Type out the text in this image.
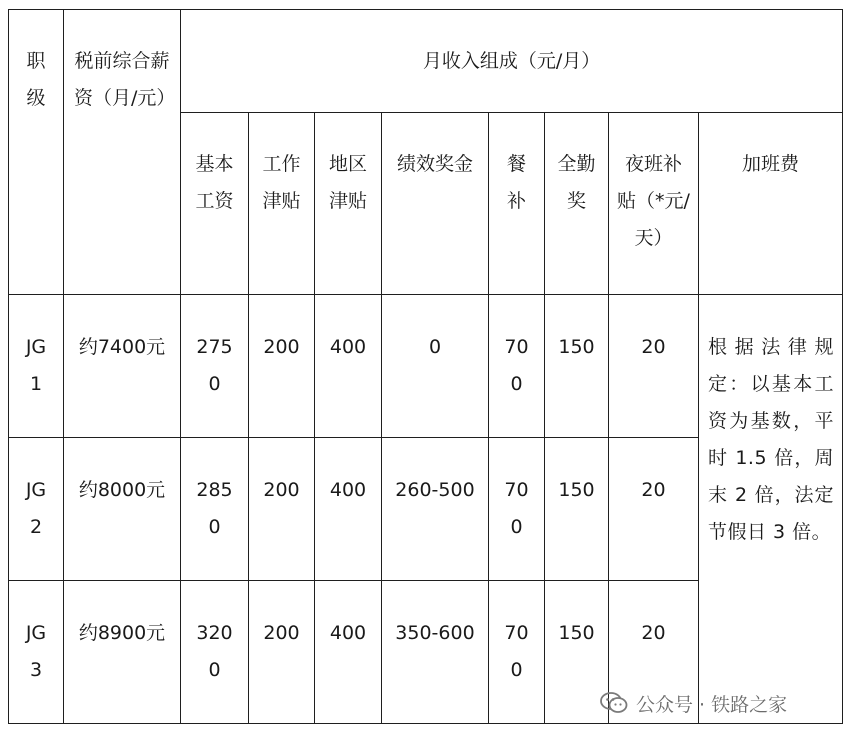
职级	税前综合薪资（月/元）	月收入组成（元/月）							
		基本工资	工作津贴	地区津贴	绩效奖金	餐补	全勤奖	夜班补贴（*元/天）	加班费
JG1	约7400元	2750	200	400	0	700	150	20	根据法律规定：以基本工资为基数，平时 1.5 倍，周末 2 倍，法定节假日 3 倍。
JG2	约8000元	2850	200	400	260-500	700	150	20	
JG3	约8900元	3200	200	400	350-600	700	150	20	
公众号 · 铁路之家
